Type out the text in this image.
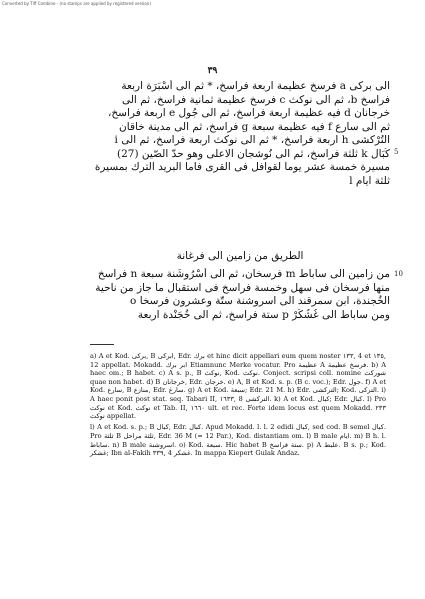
Converted by Tiff Combine - (no stamps are applied by registered version)
٣٩

الى برکی a فرسخ عظيمة اربعة فراسخ، * ثم الى أسْبَرَة اربعة

فراسخ b، ثم الى نوكث c فرسخ عظيمة ثمانية فراسخ، ثم الى

خرجانان d فيه عظيمة اربعة فراسخ، ثم الى جُول e اربعة فراسخ،

ثم الى سارع f فيه عظيمة سبعة g فراسخ، ثم الى مدينة خاقان

التُرْكشى h اربعة فراسخ، * ثم الى نوكث اربعة فراسخ، ثم الى i

كُبَال k ثلثة فراسخ، ثم الى نُوشجان الاعلى وهو حدّ الصّين (27)

مسيرة خمسة عشر يوماً لقوافل فى القرى فاما البريد الترك بمسيرة

ثلثة ايام l

5
الطريق من زامين الى فرغانة

من زامين الى ساباط m فرسخان، ثم الى أُسْرُوشَنة سبعة n فراسخ

منها فرسخان فى سهل وخمسة فراسخ فى استقبال ما جاز من ناحية

الخُجندة، ابن سمرقند الى اسروشنة ستّة وعشرون فرسخا o

ومن ساباط الى غُشُكَرْ p ستة فراسخ، ثم الى خُجَنْدة اربعة

10

a) A et Kod. برکی, B ابرکی, Edr. برك et hinc dicit appellari eum quem noster ١٣٣, 4 et ١٣٥, 12 appellat. Mokadd. ابر برك Etiamnunc Merke vocatur. Pro عظيمة A فرسخ عظيمة. b) A haec om.; B habet. c) A s. p., B نوکث, Kod. نوکث. Conject. scripsi coll. nomine شوركث quae non habet. d) B خرجانان, Edr. خرجان. e) A, B et Kod. s. p. (B c. voc.); Edr. جول. f) A et Kod. سارع, B منازع, Edr. سارغ. g) A et Kod. سبعة; Edr. 21 M. h) Edr. التركشى; Kod. التركى. i) A haec ponit post stat. seq. Tabari II, ١٦٣٣, 8 التركشى. k) A et Kod. كبال; Edr. كبال. l) Pro نوكث et Kod. نوكث et Tab. II, ١٦٦٠ ult. et rec. Forte idem locus est quem Mokadd. ٢٣٣ نوكث appellat.

l) A et Kod. s. p.; B كبال, Edr. كبال. Apud Mokadd. l. l. 2 edidi كبال, sed cod. B semel كبال. Pro ثلثة B ثلثة مراحل, Edr. 36 M (= 12 Par.), Kod. distantiam om. l) B male ايام. m) B h. l. ساباط. n) B male اسروشنة. o) Kod. سبعة. Hic habet B ستة فراسخ. p) A علبط. B s. p.; Kod. غشكر; Ibn al-Fakih ٣٣٩, 4 غشكر. In mappa Kiepert Gulak Andaz.
